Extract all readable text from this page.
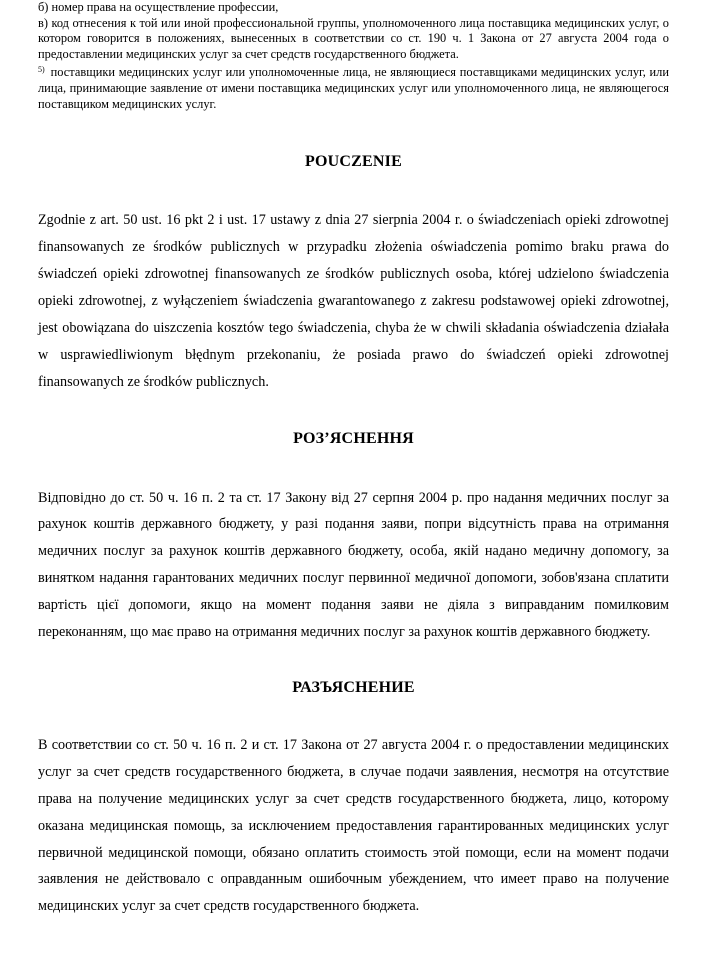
б) номер права на осуществление профессии,

в) код отнесения к той или иной профессиональной группы, уполномоченного лица поставщика медицинских услуг, о котором говорится в положениях, вынесенных в соответствии со ст. 190 ч. 1 Закона от 27 августа 2004 года о предоставлении медицинских услуг за счет средств государственного бюджета.

$^{5)}$ поставщики медицинских услуг или уполномоченные лица, не являющиеся поставщиками медицинских услуг, или лица, принимающие заявление от имени поставщика медицинских услуг или уполномоченного лица, не являющегося поставщиком медицинских услуг.

POUCZENIE

Zgodnie z art. 50 ust. 16 pkt 2 i ust. 17 ustawy z dnia 27 sierpnia 2004 r. o świadczeniach opieki zdrowotnej finansowanych ze środków publicznych w przypadku złożenia oświadczenia pomimo braku prawa do świadczeń opieki zdrowotnej finansowanych ze środków publicznych osoba, której udzielono świadczenia opieki zdrowotnej, z wyłączeniem świadczenia gwarantowanego z zakresu podstawowej opieki zdrowotnej, jest obowiązana do uiszczenia kosztów tego świadczenia, chyba że w chwili składania oświadczenia działała w usprawiedliwionym błędnym przekonaniu, że posiada prawo do świadczeń opieki zdrowotnej finansowanych ze środków publicznych.

РОЗ’ЯСНЕННЯ

Відповідно до ст. 50 ч. 16 п. 2 та ст. 17 Закону від 27 серпня 2004 р. про надання медичних послуг за рахунок коштів державного бюджету, у разі подання заяви, попри відсутність права на отримання медичних послуг за рахунок коштів державного бюджету, особа, якій надано медичну допомогу, за винятком надання гарантованих медичних послуг первинної медичної допомоги, зобов'язана сплатити вартість цієї допомоги, якщо на момент подання заяви не діяла з виправданим помилковим переконанням, що має право на отримання медичних послуг за рахунок коштів державного бюджету.

РАЗЪЯСНЕНИЕ

В соответствии со ст. 50 ч. 16 п. 2 и ст. 17 Закона от 27 августа 2004 г. о предоставлении медицинских услуг за счет средств государственного бюджета, в случае подачи заявления, несмотря на отсутствие права на получение медицинских услуг за счет средств государственного бюджета, лицо, которому оказана медицинская помощь, за исключением предоставления гарантированных медицинских услуг первичной медицинской помощи, обязано оплатить стоимость этой помощи, если на момент подачи заявления не действовало с оправданным ошибочным убеждением, что имеет право на получение медицинских услуг за счет средств государственного бюджета.
